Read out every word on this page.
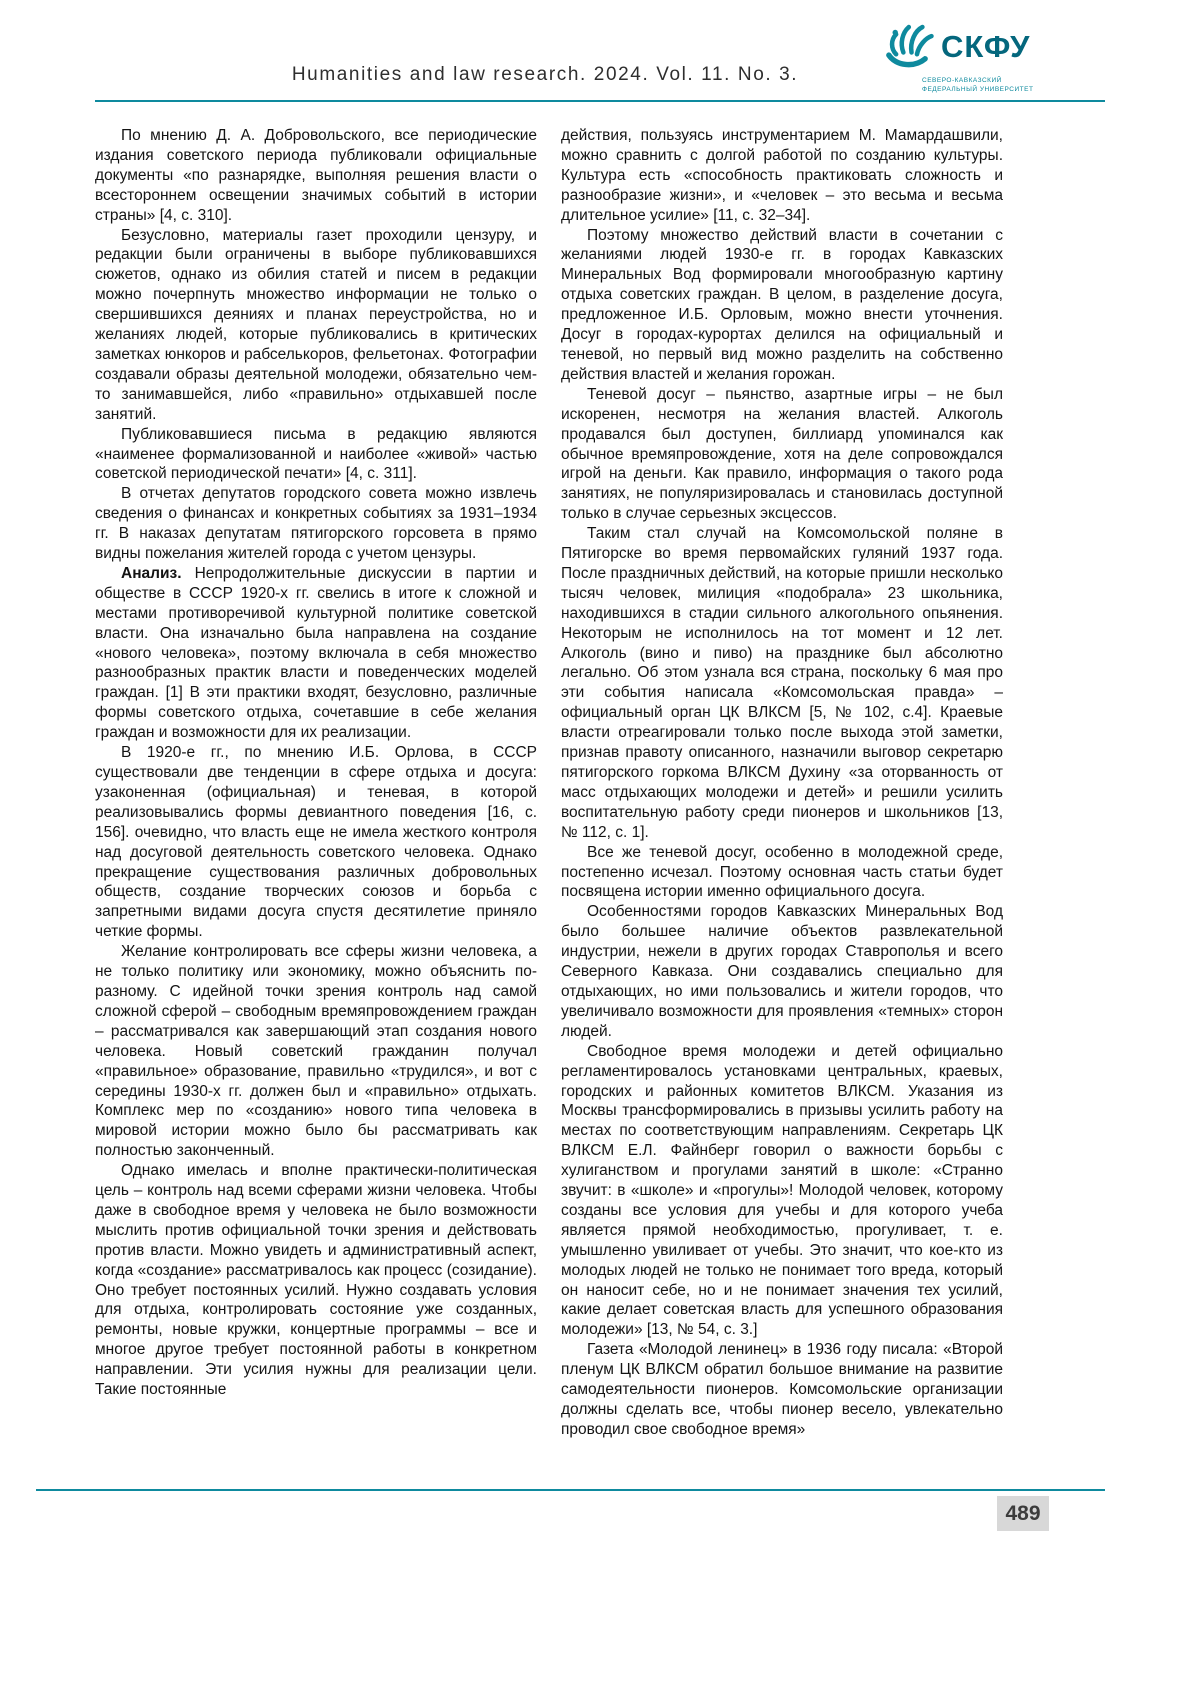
Humanities and law research. 2024. Vol. 11. No. 3.
СКФУ
СЕВЕРО-КАВКАЗСКИЙ
ФЕДЕРАЛЬНЫЙ УНИВЕРСИТЕТ

По мнению Д. А. Добровольского, все периодические издания советского периода публиковали официальные документы «по разнарядке, выполняя решения власти о всестороннем освещении значимых событий в истории страны» [4, с. 310].

Безусловно, материалы газет проходили цензуру, и редакции были ограничены в выборе публиковавшихся сюжетов, однако из обилия статей и писем в редакции можно почерпнуть множество информации не только о свершившихся деяниях и планах переустройства, но и желаниях людей, которые публиковались в критических заметках юнкоров и рабселькоров, фельетонах. Фотографии создавали образы деятельной молодежи, обязательно чем-то занимавшейся, либо «правильно» отдыхавшей после занятий.

Публиковавшиеся письма в редакцию являются «наименее формализованной и наиболее «живой» частью советской периодической печати» [4, с. 311].

В отчетах депутатов городского совета можно извлечь сведения о финансах и конкретных событиях за 1931–1934 гг. В наказах депутатам пятигорского горсовета в прямо видны пожелания жителей города с учетом цензуры.

Анализ. Непродолжительные дискуссии в партии и обществе в СССР 1920-х гг. свелись в итоге к сложной и местами противоречивой культурной политике советской власти. Она изначально была направлена на создание «нового человека», поэтому включала в себя множество разнообразных практик власти и поведенческих моделей граждан. [1] В эти практики входят, безусловно, различные формы советского отдыха, сочетавшие в себе желания граждан и возможности для их реализации.

В 1920-е гг., по мнению И.Б. Орлова, в СССР существовали две тенденции в сфере отдыха и досуга: узаконенная (официальная) и теневая, в которой реализовывались формы девиантного поведения [16, с. 156]. очевидно, что власть еще не имела жесткого контроля над досуговой деятельность советского человека. Однако прекращение существования различных добровольных обществ, создание творческих союзов и борьба с запретными видами досуга спустя десятилетие приняло четкие формы.

Желание контролировать все сферы жизни человека, а не только политику или экономику, можно объяснить по-разному. С идейной точки зрения контроль над самой сложной сферой – свободным времяпровождением граждан – рассматривался как завершающий этап создания нового человека. Новый советский гражданин получал «правильное» образование, правильно «трудился», и вот с середины 1930-х гг. должен был и «правильно» отдыхать. Комплекс мер по «созданию» нового типа человека в мировой истории можно было бы рассматривать как полностью законченный.

Однако имелась и вполне практически-политическая цель – контроль над всеми сферами жизни человека. Чтобы даже в свободное время у человека не было возможности мыслить против официальной точки зрения и действовать против власти. Можно увидеть и административный аспект, когда «создание» рассматривалось как процесс (созидание). Оно требует постоянных усилий. Нужно создавать условия для отдыха, контролировать состояние уже созданных, ремонты, новые кружки, концертные программы – все и многое другое требует постоянной работы в конкретном направлении. Эти усилия нужны для реализации цели. Такие постоянные

действия, пользуясь инструментарием М. Мамардашвили, можно сравнить с долгой работой по созданию культуры. Культура есть «способность практиковать сложность и разнообразие жизни», и «человек – это весьма и весьма длительное усилие» [11, с. 32–34].

Поэтому множество действий власти в сочетании с желаниями людей 1930-е гг. в городах Кавказских Минеральных Вод формировали многообразную картину отдыха советских граждан. В целом, в разделение досуга, предложенное И.Б. Орловым, можно внести уточнения. Досуг в городах-курортах делился на официальный и теневой, но первый вид можно разделить на собственно действия властей и желания горожан.

Теневой досуг – пьянство, азартные игры – не был искоренен, несмотря на желания властей. Алкоголь продавался был доступен, биллиард упоминался как обычное времяпровождение, хотя на деле сопровождался игрой на деньги. Как правило, информация о такого рода занятиях, не популяризировалась и становилась доступной только в случае серьезных эксцессов.

Таким стал случай на Комсомольской поляне в Пятигорске во время первомайских гуляний 1937 года. После праздничных действий, на которые пришли несколько тысяч человек, милиция «подобрала» 23 школьника, находившихся в стадии сильного алкогольного опьянения. Некоторым не исполнилось на тот момент и 12 лет. Алкоголь (вино и пиво) на празднике был абсолютно легально. Об этом узнала вся страна, поскольку 6 мая про эти события написала «Комсомольская правда» – официальный орган ЦК ВЛКСМ [5, № 102, с.4]. Краевые власти отреагировали только после выхода этой заметки, признав правоту описанного, назначили выговор секретарю пятигорского горкома ВЛКСМ Духину «за оторванность от масс отдыхающих молодежи и детей» и решили усилить воспитательную работу среди пионеров и школьников [13, № 112, с. 1].

Все же теневой досуг, особенно в молодежной среде, постепенно исчезал. Поэтому основная часть статьи будет посвящена истории именно официального досуга.

Особенностями городов Кавказских Минеральных Вод было большее наличие объектов развлекательной индустрии, нежели в других городах Ставрополья и всего Северного Кавказа. Они создавались специально для отдыхающих, но ими пользовались и жители городов, что увеличивало возможности для проявления «темных» сторон людей.

Свободное время молодежи и детей официально регламентировалось установками центральных, краевых, городских и районных комитетов ВЛКСМ. Указания из Москвы трансформировались в призывы усилить работу на местах по соответствующим направлениям. Секретарь ЦК ВЛКСМ Е.Л. Файнберг говорил о важности борьбы с хулиганством и прогулами занятий в школе: «Странно звучит: в «школе» и «прогулы»! Молодой человек, которому созданы все условия для учебы и для которого учеба является прямой необходимостью, прогуливает, т. е. умышленно увиливает от учебы. Это значит, что кое-кто из молодых людей не только не понимает того вреда, который он наносит себе, но и не понимает значения тех усилий, какие делает советская власть для успешного образования молодежи» [13, № 54, с. 3.]

Газета «Молодой ленинец» в 1936 году писала: «Второй пленум ЦК ВЛКСМ обратил большое внимание на развитие самодеятельности пионеров. Комсомольские организации должны сделать все, чтобы пионер весело, увлекательно проводил свое свободное время»

489
